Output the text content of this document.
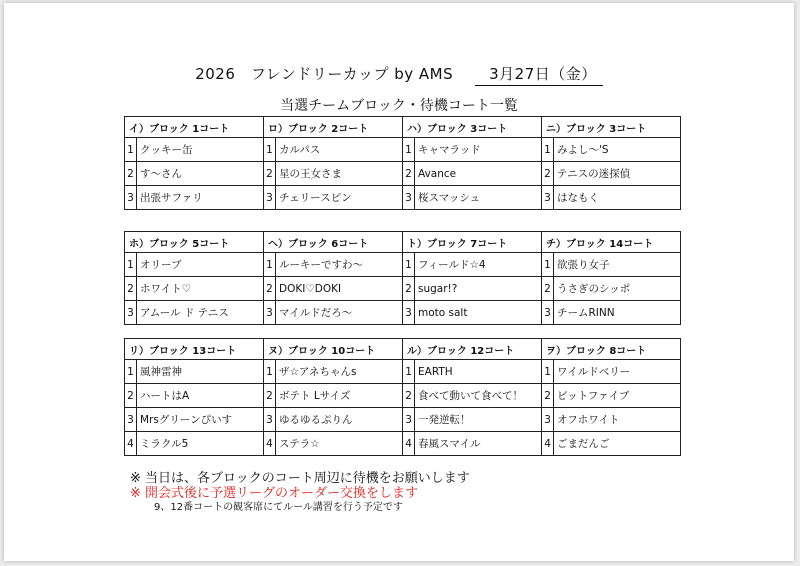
2026　フレンドリーカップ by AMS 3月27日（金）
当選チームブロック・待機コート一覧
イ）ブロック 1コート		ロ）ブロック 2コート		ハ）ブロック 3コート		ニ）ブロック 3コート	
1	クッキー缶	1	カルパス	1	キャマラッド	1	みよし～'S
2	す～さん	2	星の王女さま	2	Avance	2	テニスの迷探偵
3	出張サファリ	3	チェリースピン	3	桜スマッシュ	3	はなもく
ホ）ブロック 5コート		ヘ）ブロック 6コート		ト）ブロック 7コート		チ）ブロック 14コート	
1	オリーブ	1	ルーキーですわ～	1	フィールド☆4	1	欲張り女子
2	ホワイト♡	2	DOKI♡DOKI	2	sugar!?	2	うさぎのシッポ
3	アムール ド テニス	3	マイルドだろ～	3	moto salt	3	チームRINN
リ）ブロック 13コート		ヌ）ブロック 10コート		ル）ブロック 12コート		ヲ）ブロック 8コート	
1	風神雷神	1	ザ☆アネちゃんs	1	EARTH	1	ワイルドベリー
2	ハートはA	2	ボテト Lサイズ	2	食べて動いて食べて！	2	ビットファイブ
3	Mrsグリーンぴいす	3	ゆるゆるぷりん	3	一発逆転！	3	オフホワイト
4	ミラクル5	4	ステラ☆	4	春風スマイル	4	ごまだんご
※ 当日は、各ブロックのコート周辺に待機をお願いします
※ 開会式後に予選リーグのオーダー交換をします
9、12番コートの観客席にてルール講習を行う予定です
